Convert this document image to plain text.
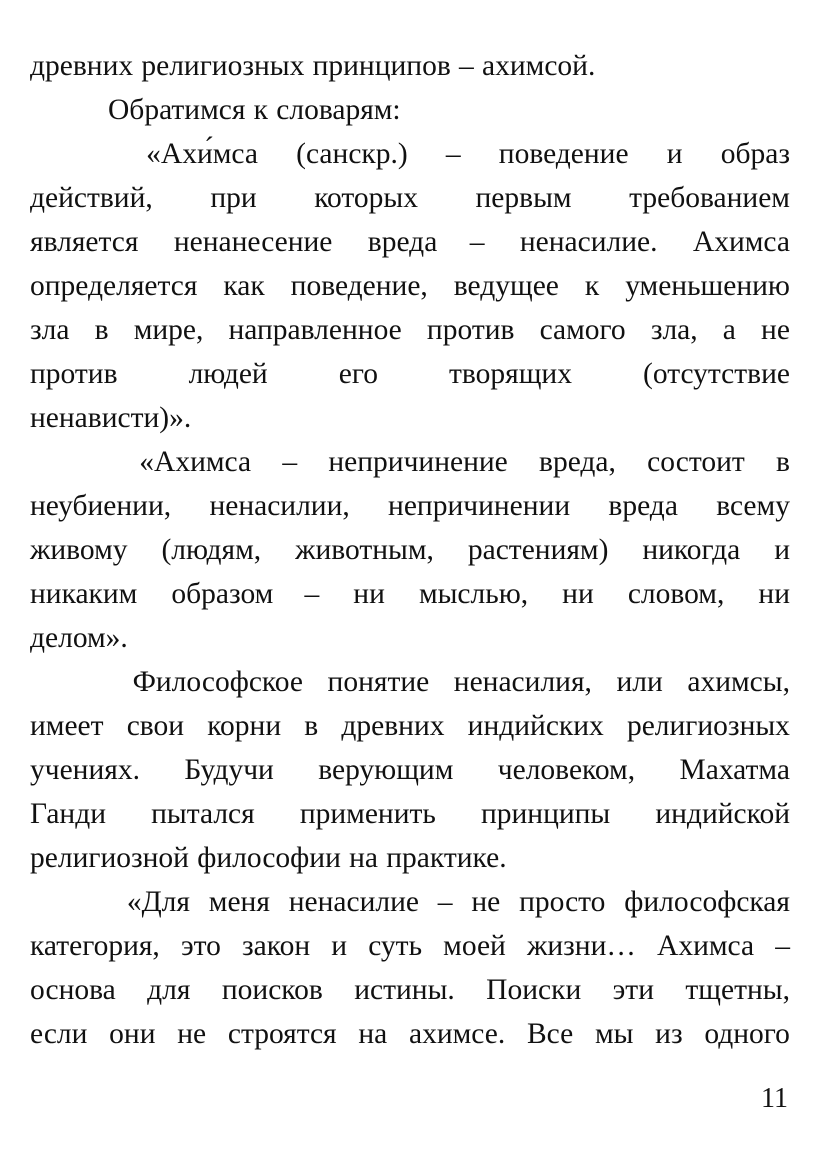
древних религиозных принципов – ахимсой.
Обратимся к словарям:
«Ахи́мса (санскр.) – поведение и образ
действий, при которых первым требованием
является ненанесение вреда – ненасилие. Ахимса
определяется как поведение, ведущее к уменьшению
зла в мире, направленное против самого зла, а не
против людей его творящих (отсутствие
ненависти)».
«Ахимса – непричинение вреда, состоит в
неубиении, ненасилии, непричинении вреда всему
живому (людям, животным, растениям) никогда и
никаким образом – ни мыслью, ни словом, ни
делом».
Философское понятие ненасилия, или ахимсы,
имеет свои корни в древних индийских религиозных
учениях. Будучи верующим человеком, Махатма
Ганди пытался применить принципы индийской
религиозной философии на практике.
«Для меня ненасилие – не просто философская
категория, это закон и суть моей жизни… Ахимса –
основа для поисков истины. Поиски эти тщетны,
если они не строятся на ахимсе. Все мы из одного
11
